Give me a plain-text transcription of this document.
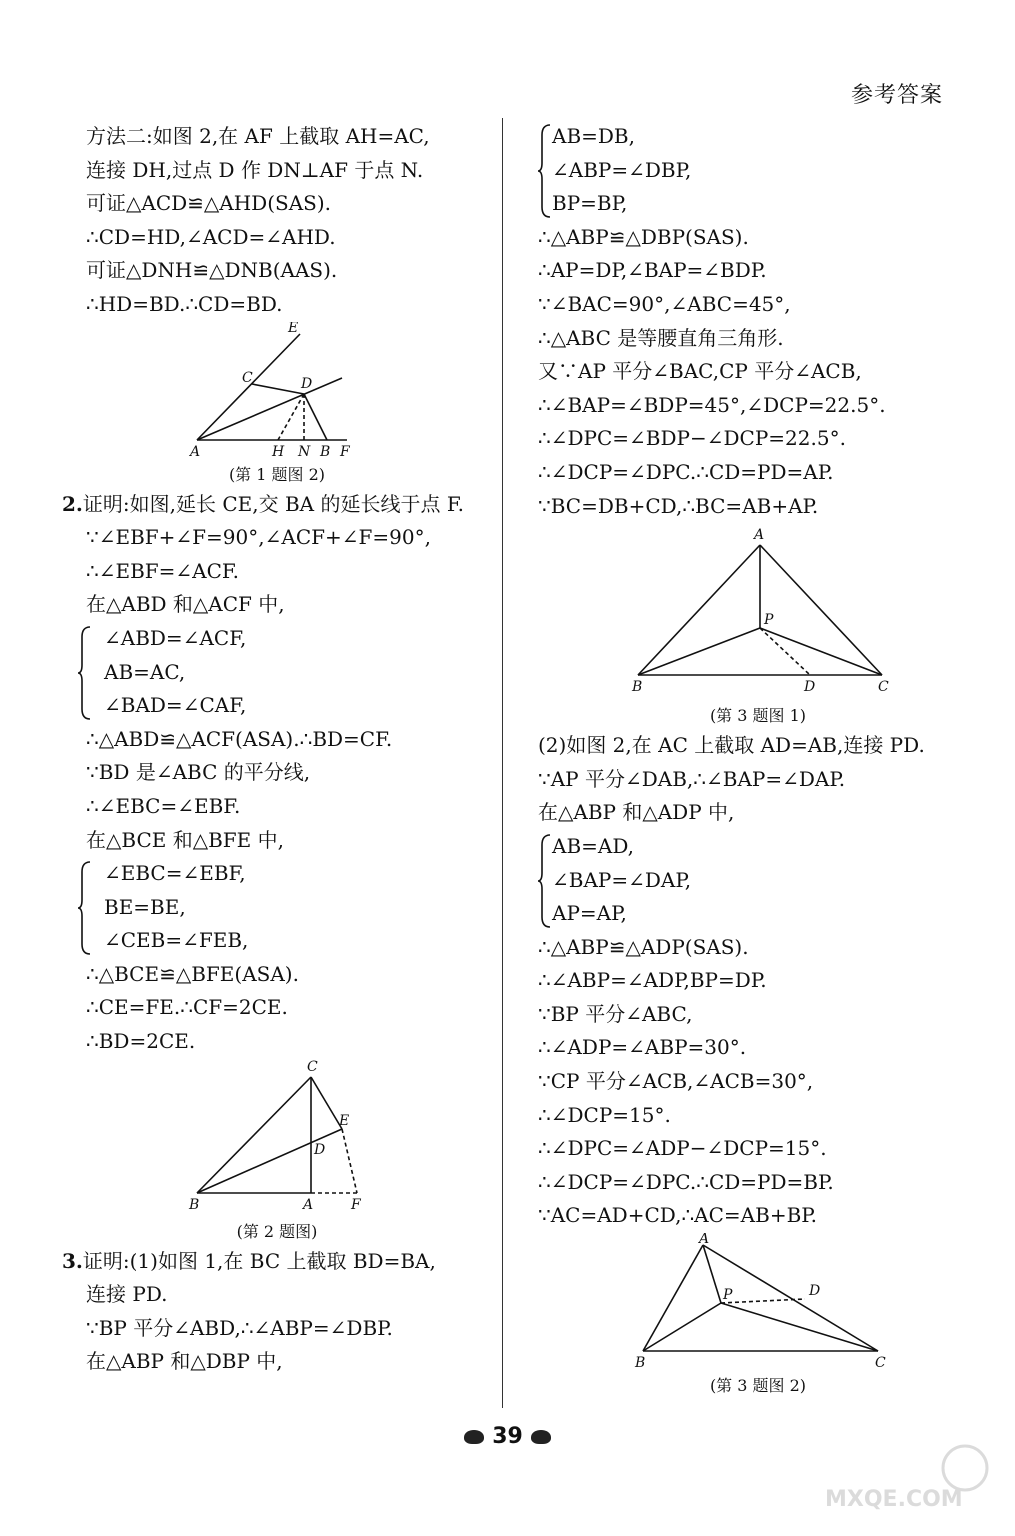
参考答案
方法二:如图 2,在 AF 上截取 AH=AC,
连接 DH,过点 D 作 DN⊥AF 于点 N.
可证△ACD≌△AHD(SAS).
∴CD=HD,∠ACD=∠AHD.
可证△DNH≌△DNB(AAS).
∴HD=BD.∴CD=BD.
E
C	D
A	H N B F
(第 1 题图 2)
2.证明:如图,延长 CE,交 BA 的延长线于点 F.
∵∠EBF+∠F=90°,∠ACF+∠F=90°,
∴∠EBF=∠ACF.
在△ABD 和△ACF 中,
∠ABD=∠ACF,
AB=AC,
∠BAD=∠CAF,
∴△ABD≌△ACF(ASA).∴BD=CF.
∵BD 是∠ABC 的平分线,
∴∠EBC=∠EBF.
在△BCE 和△BFE 中,
∠EBC=∠EBF,
BE=BE,
∠CEB=∠FEB,
∴△BCE≌△BFE(ASA).
∴CE=FE.∴CF=2CE.
∴BD=2CE.
C
E
D
B	A	F
(第 2 题图)
3.证明:(1)如图 1,在 BC 上截取 BD=BA,
连接 PD.
∵BP 平分∠ABD,∴∠ABP=∠DBP.
在△ABP 和△DBP 中,
AB=DB,
∠ABP=∠DBP,
BP=BP,
∴△ABP≌△DBP(SAS).
∴AP=DP,∠BAP=∠BDP.
∵∠BAC=90°,∠ABC=45°,
∴△ABC 是等腰直角三角形.
又∵AP 平分∠BAC,CP 平分∠ACB,
∴∠BAP=∠BDP=45°,∠DCP=22.5°.
∴∠DPC=∠BDP−∠DCP=22.5°.
∴∠DCP=∠DPC.∴CD=PD=AP.
∵BC=DB+CD,∴BC=AB+AP.
A
P
B	D	C
(第 3 题图 1)
(2)如图 2,在 AC 上截取 AD=AB,连接 PD.
∵AP 平分∠DAB,∴∠BAP=∠DAP.
在△ABP 和△ADP 中,
AB=AD,
∠BAP=∠DAP,
AP=AP,
∴△ABP≌△ADP(SAS).
∴∠ABP=∠ADP,BP=DP.
∵BP 平分∠ABC,
∴∠ADP=∠ABP=30°.
∵CP 平分∠ACB,∠ACB=30°,
∴∠DCP=15°.
∴∠DPC=∠ADP−∠DCP=15°.
∴∠DCP=∠DPC.∴CD=PD=BP.
∵AC=AD+CD,∴AC=AB+BP.
A
P	D
B	C
(第 3 题图 2)
39
MXQE.COM
